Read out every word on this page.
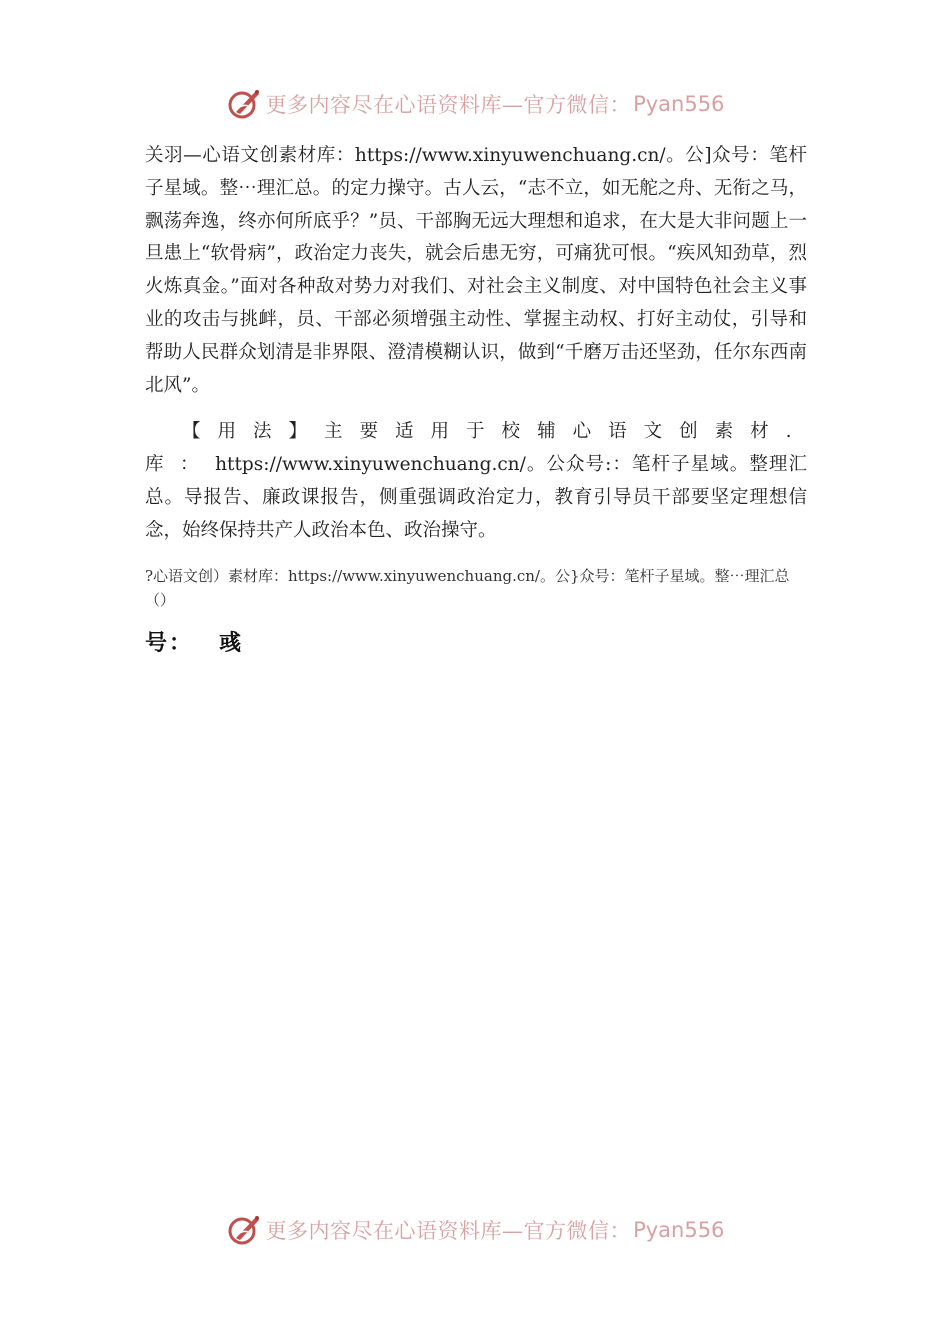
更多内容尽在心语资料库—官方微信： Pyan556

关羽—心语文创素材库：https://www.xinyuwenchuang.cn/。公]众号：笔杆子星域。整⋯理汇总。的定力操守。古人云，“志不立，如无舵之舟、无衔之马，飘荡奔逸，终亦何所底乎？”员、干部胸无远大理想和追求，在大是大非问题上一旦患上“软骨病”，政治定力丧失，就会后患无穷，可痛犹可恨。“疾风知劲草，烈火炼真金。”面对各种敌对势力对我们、对社会主义制度、对中国特色社会主义事业的攻击与挑衅，员、干部必须增强主动性、掌握主动权、打好主动仗，引导和帮助人民群众划清是非界限、澄清模糊认识，做到“千磨万击还坚劲，任尔东西南北风”。

【用法】主要适用于校辅心语文创素材.库：https://www.xinyuwenchuang.cn/。公众号:：笔杆子星域。整理汇总。导报告、廉政课报告，侧重强调政治定力，教育引导员干部要坚定理想信念，始终保持共产人政治本色、政治操守。

?心语文创）素材库：https://www.xinyuwenchuang.cn/。公}众号：笔杆子星域。整⋯理汇总（）

号： 彧

更多内容尽在心语资料库—官方微信： Pyan556
